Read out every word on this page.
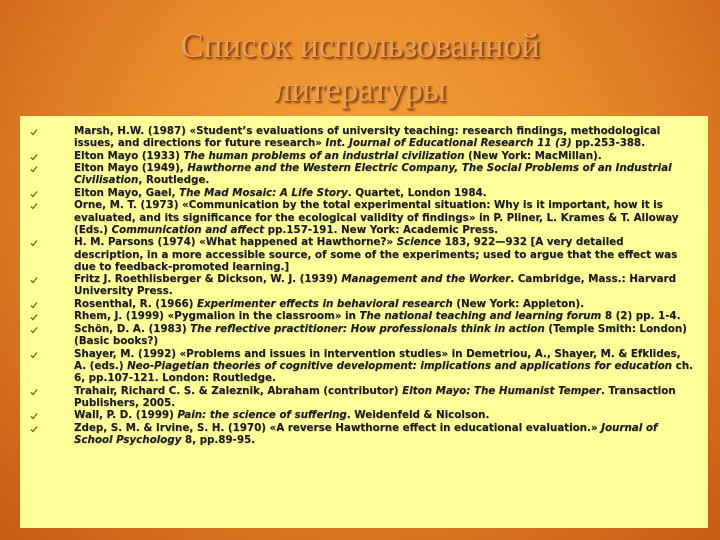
Список использованной
литературы
Marsh, H.W. (1987) «Student’s evaluations of university teaching: research findings, methodological issues, and directions for future research» Int. Journal of Educational Research 11 (3) pp.253-388.
Elton Mayo (1933) The human problems of an industrial civilization (New York: MacMillan).
Elton Mayo (1949), Hawthorne and the Western Electric Company, The Social Problems of an Industrial Civilisation, Routledge.
Elton Mayo, Gael, The Mad Mosaic: A Life Story. Quartet, London 1984.
Orne, M. T. (1973) «Communication by the total experimental situation: Why is it important, how it is evaluated, and its significance for the ecological validity of findings» in P. Pliner, L. Krames & T. Alloway (Eds.) Communication and affect pp.157-191. New York: Academic Press.
H. M. Parsons (1974) «What happened at Hawthorne?» Science 183, 922—932 [A very detailed description, in a more accessible source, of some of the experiments; used to argue that the effect was due to feedback-promoted learning.]
Fritz J. Roethlisberger & Dickson, W. J. (1939) Management and the Worker. Cambridge, Mass.: Harvard University Press.
Rosenthal, R. (1966) Experimenter effects in behavioral research (New York: Appleton).
Rhem, J. (1999) «Pygmalion in the classroom» in The national teaching and learning forum 8 (2) pp. 1-4.
Schön, D. A. (1983) The reflective practitioner: How professionals think in action (Temple Smith: London) (Basic books?)
Shayer, M. (1992) «Problems and issues in intervention studies» in Demetriou, A., Shayer, M. & Efklides, A. (eds.) Neo-Piagetian theories of cognitive development: implications and applications for education ch. 6, pp.107-121. London: Routledge.
Trahair, Richard C. S. & Zaleznik, Abraham (contributor) Elton Mayo: The Humanist Temper. Transaction Publishers, 2005.
Wall, P. D. (1999) Pain: the science of suffering. Weidenfeld & Nicolson.
Zdep, S. M. & Irvine, S. H. (1970) «A reverse Hawthorne effect in educational evaluation.» Journal of School Psychology 8, pp.89-95.
